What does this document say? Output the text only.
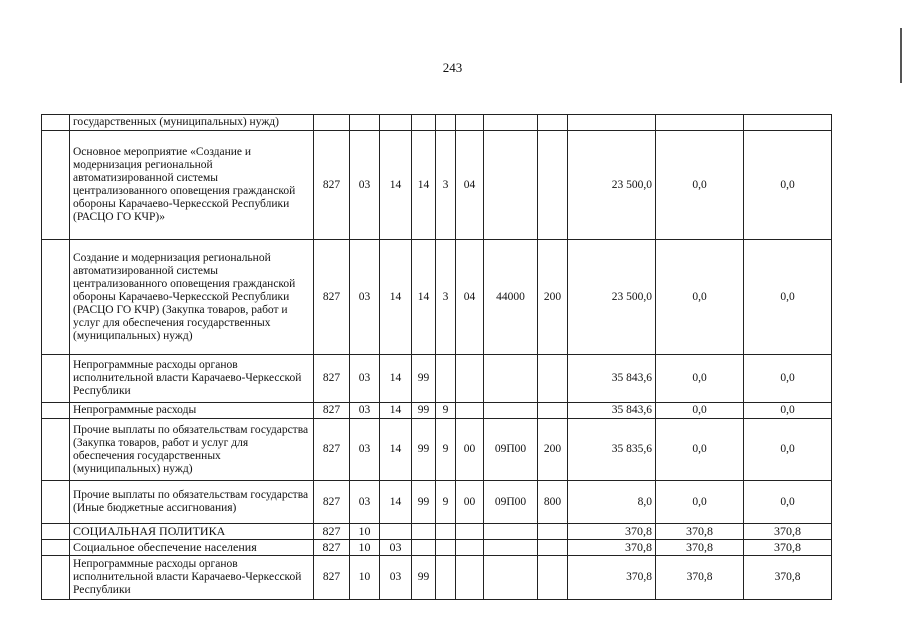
243
	государственных (муниципальных) нужд)											
	Основное мероприятие «Создание и модернизация региональной автоматизированной системы централизованного оповещения гражданской обороны Карачаево-Черкесской Республики (РАСЦО ГО КЧР)»	827	03	14	14	3	04			23 500,0	0,0	0,0
	Создание и модернизация региональной автоматизированной системы централизованного оповещения гражданской обороны Карачаево-Черкесской Республики (РАСЦО ГО КЧР) (Закупка товаров, работ и услуг для обеспечения государственных (муниципальных) нужд)	827	03	14	14	3	04	44000	200	23 500,0	0,0	0,0
	Непрограммные расходы органов исполнительной власти Карачаево-Черкесской Республики	827	03	14	99					35 843,6	0,0	0,0
	Непрограммные расходы	827	03	14	99	9				35 843,6	0,0	0,0
	Прочие выплаты по обязательствам государства (Закупка товаров, работ и услуг для обеспечения государственных (муниципальных) нужд)	827	03	14	99	9	00	09П00	200	35 835,6	0,0	0,0
	Прочие выплаты по обязательствам государства (Иные бюджетные ассигнования)	827	03	14	99	9	00	09П00	800	8,0	0,0	0,0
	СОЦИАЛЬНАЯ ПОЛИТИКА	827	10							370,8	370,8	370,8
	Социальное обеспечение населения	827	10	03						370,8	370,8	370,8
	Непрограммные расходы органов исполнительной власти Карачаево-Черкесской Республики	827	10	03	99					370,8	370,8	370,8
